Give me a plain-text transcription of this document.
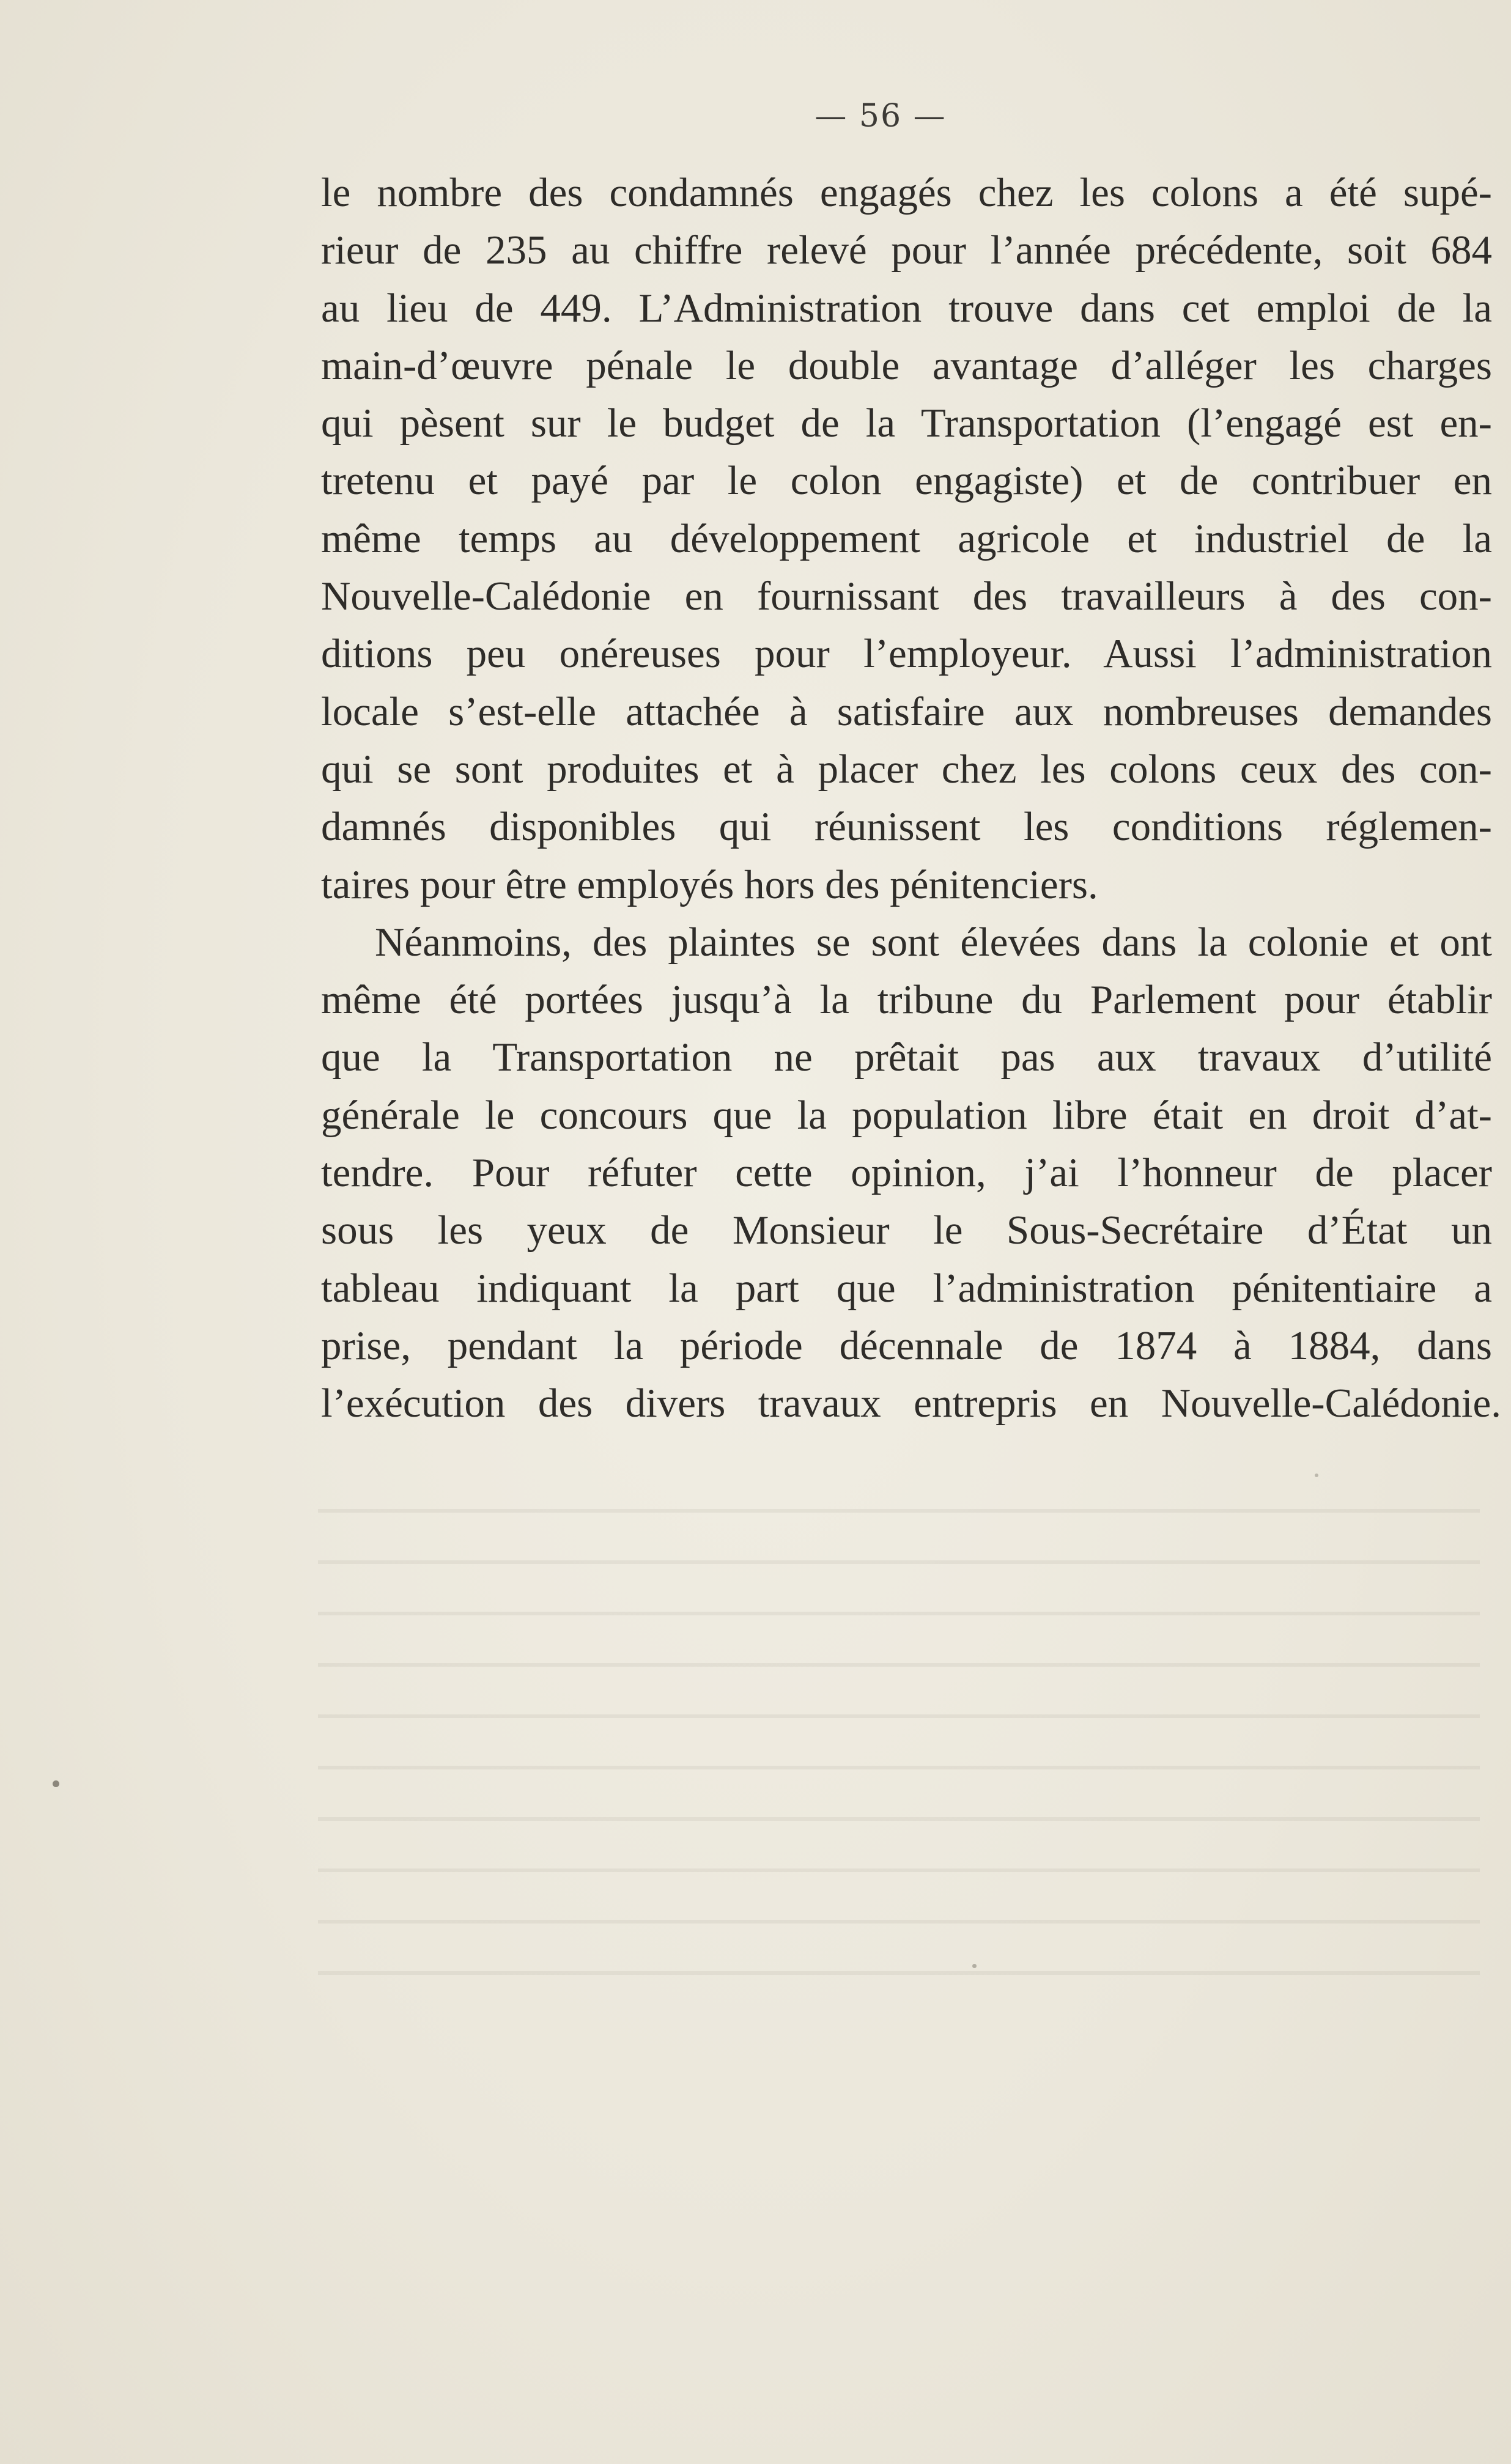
— 56 —
le nombre des condamnés engagés chez les colons a été supé-
rieur de 235 au chiffre relevé pour l’année précédente, soit 684
au lieu de 449. L’Administration trouve dans cet emploi de la
main-d’œuvre pénale le double avantage d’alléger les charges
qui pèsent sur le budget de la Transportation (l’engagé est en-
tretenu et payé par le colon engagiste) et de contribuer en
même temps au développement agricole et industriel de la
Nouvelle-Calédonie en fournissant des travailleurs à des con-
ditions peu onéreuses pour l’employeur. Aussi l’administration
locale s’est-elle attachée à satisfaire aux nombreuses demandes
qui se sont produites et à placer chez les colons ceux des con-
damnés disponibles qui réunissent les conditions réglemen-
taires pour être employés hors des pénitenciers.
Néanmoins, des plaintes se sont élevées dans la colonie et ont
même été portées jusqu’à la tribune du Parlement pour établir
que la Transportation ne prêtait pas aux travaux d’utilité
générale le concours que la population libre était en droit d’at-
tendre. Pour réfuter cette opinion, j’ai l’honneur de placer
sous les yeux de Monsieur le Sous-Secrétaire d’État un
tableau indiquant la part que l’administration pénitentiaire a
prise, pendant la période décennale de 1874 à 1884, dans
l’exécution des divers travaux entrepris en Nouvelle-Calédonie.
